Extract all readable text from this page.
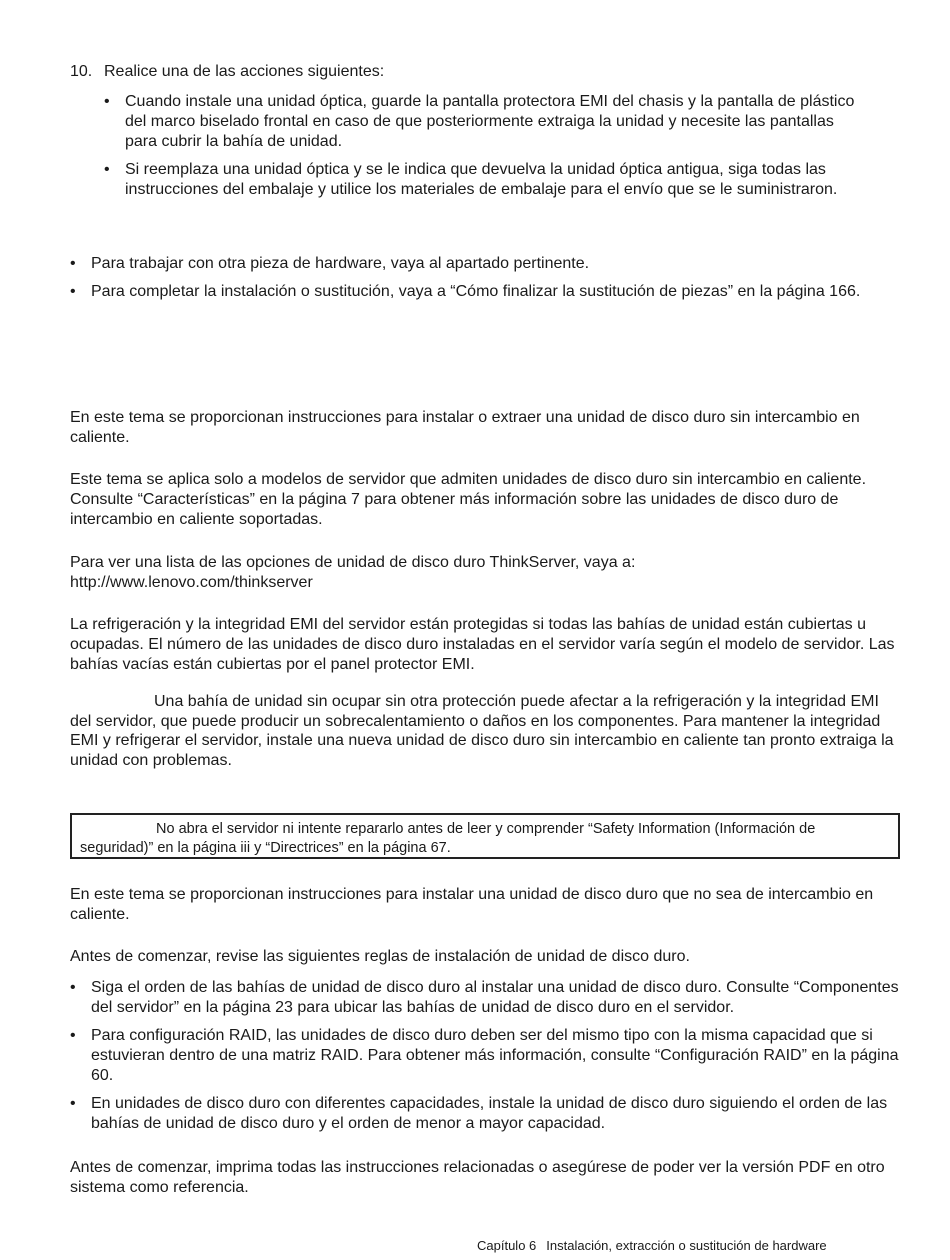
10. Realice una de las acciones siguientes:

• Cuando instale una unidad óptica, guarde la pantalla protectora EMI del chasis y la pantalla de plástico del marco biselado frontal en caso de que posteriormente extraiga la unidad y necesite las pantallas para cubrir la bahía de unidad.
• Si reemplaza una unidad óptica y se le indica que devuelva la unidad óptica antigua, siga todas las instrucciones del embalaje y utilice los materiales de embalaje para el envío que se le suministraron.
• Para trabajar con otra pieza de hardware, vaya al apartado pertinente.
• Para completar la instalación o sustitución, vaya a “Cómo finalizar la sustitución de piezas” en la página 166.

En este tema se proporcionan instrucciones para instalar o extraer una unidad de disco duro sin intercambio en caliente.

Este tema se aplica solo a modelos de servidor que admiten unidades de disco duro sin intercambio en caliente. Consulte “Características” en la página 7 para obtener más información sobre las unidades de disco duro de intercambio en caliente soportadas.

Para ver una lista de las opciones de unidad de disco duro ThinkServer, vaya a:

http://www.lenovo.com/thinkserver

La refrigeración y la integridad EMI del servidor están protegidas si todas las bahías de unidad están cubiertas u ocupadas. El número de las unidades de disco duro instaladas en el servidor varía según el modelo de servidor. Las bahías vacías están cubiertas por el panel protector EMI.

Una bahía de unidad sin ocupar sin otra protección puede afectar a la refrigeración y la integridad EMI del servidor, que puede producir un sobrecalentamiento o daños en los componentes. Para mantener la integridad EMI y refrigerar el servidor, instale una nueva unidad de disco duro sin intercambio en caliente tan pronto extraiga la unidad con problemas.

No abra el servidor ni intente repararlo antes de leer y comprender “Safety Information (Información de seguridad)” en la página iii y “Directrices” en la página 67.

En este tema se proporcionan instrucciones para instalar una unidad de disco duro que no sea de intercambio en caliente.

Antes de comenzar, revise las siguientes reglas de instalación de unidad de disco duro.

• Siga el orden de las bahías de unidad de disco duro al instalar una unidad de disco duro. Consulte “Componentes del servidor” en la página 23 para ubicar las bahías de unidad de disco duro en el servidor.
• Para configuración RAID, las unidades de disco duro deben ser del mismo tipo con la misma capacidad que si estuvieran dentro de una matriz RAID. Para obtener más información, consulte “Configuración RAID” en la página 60.
• En unidades de disco duro con diferentes capacidades, instale la unidad de disco duro siguiendo el orden de las bahías de unidad de disco duro y el orden de menor a mayor capacidad.

Antes de comenzar, imprima todas las instrucciones relacionadas o asegúrese de poder ver la versión PDF en otro sistema como referencia.

Capítulo 6 Instalación, extracción o sustitución de hardware
